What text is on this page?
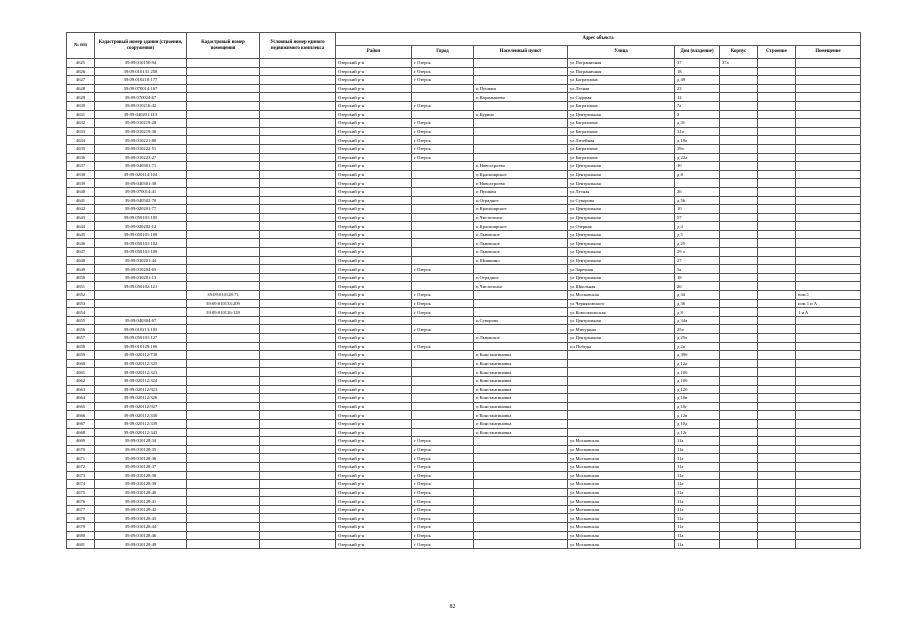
№ п/п	Кадастровый номер здания (строения, сооружения)	Кадастровый номер помещения	Условный номер единого недвижимого комплекса	Адрес объекта							
				Район	Город	Населенный пункт	Улица	Дом (владение)	Корпус	Строение	Помещение
4625	39:09:010150:94			Озерский р-н	г Озерск		ул Пограничная	37	37а		
4626	39:09:010131:258			Озерский р-н	г Озерск		ул Пограничная	18			
4627	39:09:010210:177			Озерский р-н	г Озерск		ул Багратиона	д 49			
4628	39:09:070014:167			Озерский р-н		п Пушкин	ул Лесная	23			
4629	39:09:070024:67			Озерский р-н		п Карамышево	ул Садовая	12			
4630	39:09:010216:42			Озерский р-н	г Озерск		ул Багратиона	7а			
4631	39:09:040201:113			Озерский р-н		п Курино	ул Центральная	2			
4632	39:09:010219:28			Озерский р-н	г Озерск		ул Багратиона	д 31			
4633	39:09:010219:30			Озерский р-н	г Озерск		ул Багратиона	31а			
4634	39:09:010221:80			Озерский р-н	г Озерск		ул Литейная	д 19а			
4635	39:09:010222:51			Озерский р-н	г Озерск		ул Багратиона	19а			
4636	39:09:010223:27			Озерский р-н	г Озерск		ул Багратиона	д 22а			
4637	39:09:040301:71			Озерский р-н		п Новостроево	ул Центральная	10			
4638	39:09:020114:104			Озерский р-н		п Красноярское	ул Центральная	д 8			
4639	39:09:040301:30			Озерский р-н		п Новостроево	ул Центральная				
4640	39:09:070014:41			Озерский р-н		п Пушкин	ул Лесная	26			
4641	39:09:040502:70			Озерский р-н		п Отрадное	ул Суворова	д 56			
4642	39:09:020201:77			Озерский р-н		п Красноярское	ул Центральная	10			
4643	39:09:050101:105			Озерский р-н		п Чистополье	ул Центральная	57			
4644	39:09:020202:12			Озерский р-н		п Красноярское	ул Озерная	д 4			
4645	39:09:050101:108			Озерский р-н		п Львовское	ул Центральная	д 5			
4646	39:09:050101:102			Озерский р-н		п Львовское	ул Центральная	д 25			
4647	39:09:050101:109			Озерский р-н		п Львовское	ул Центральная	29 а			
4648	39:09:030201:44			Озерский р-н		п Шишкино	ул Центральная	27			
4649	39:09:010204:65			Озерский р-н	г Озерск		ул Заречная	5а			
4650	39:09:030201:13			Озерский р-н		п Отрадное	ул Центральная	18			
4651	39:09:050102:121			Озерский р-н		п Чистополье	ул Школьная	26			
4652		39:09:010128:71		Озерский р-н	г Озерск		ул Московская	д 34			пом.1
4653		39:09:010133:209		Озерский р-н	г Озерск		ул Черняховского	д 36			пом 1 и А
4654		39:09:010126:128		Озерский р-н	г Озерск		ул Комсомольская	д 8			1 и А
4655	39:09:040304:67			Озерский р-н		п Суворово	ул Центральная	д 34а			
4656	39:09:010213:103			Озерский р-н	г Озерск		ул Мичурина	25а			
4657	39:09:050101:127			Озерский р-н		п Львовское	ул Центральная	д 25а			
4658	39:09:010129:106			Озерский р-н	г Озерск		пл Победы	д 2а			
4659	39:09:020112:738			Озерский р-н		п Константиновка		д 39б			
4660	39:09:020112:325			Озерский р-н		п Константиновка		д 12а			
4661	39:09:020112:323			Озерский р-н		п Константиновка		д 10б			
4662	39:09:020112:324			Озерский р-н		п Константиновка		д 10б			
4663	39:09:020112:923			Озерский р-н		п Константиновка		д 12б			
4664	39:09:020112:326			Озерский р-н		п Константиновка		д 10в			
4665	39:09:020112:927			Озерский р-н		п Константиновка		д 10г			
4666	39:09:020112:330			Озерский р-н		п Константиновка		д 12в			
4667	39:09:020112:339			Озерский р-н		п Константиновка		д 10д			
4668	39:09:020112:343			Озерский р-н		п Константиновка		д 12г			
4669	39:09:010128:34			Озерский р-н	г Озерск		ул Московская	11а			
4670	39:09:010128:35			Озерский р-н	г Озерск		ул Московская	11а			
4671	39:09:010128:36			Озерский р-н	г Озерск		ул Московская	11а			
4672	39:09:010128:37			Озерский р-н	г Озерск		ул Московская	11а			
4673	39:09:010128:38			Озерский р-н	г Озерск		ул Московская	11а			
4674	39:09:010128:39			Озерский р-н	г Озерск		ул Московская	11а			
4675	39:09:010128:40			Озерский р-н	г Озерск		ул Московская	11а			
4676	39:09:010128:41			Озерский р-н	г Озерск		ул Московская	11а			
4677	39:09:010128:42			Озерский р-н	г Озерск		ул Московская	11а			
4678	39:09:010128:43			Озерский р-н	г Озерск		ул Московская	11а			
4679	39:09:010128:44			Озерский р-н	г Озерск		ул Московская	11а			
4680	39:09:010128:46			Озерский р-н	г Озерск		ул Московская	11а			
4681	39:09:010128:49			Озерский р-н	г Озерск		ул Московская	11а			
82
